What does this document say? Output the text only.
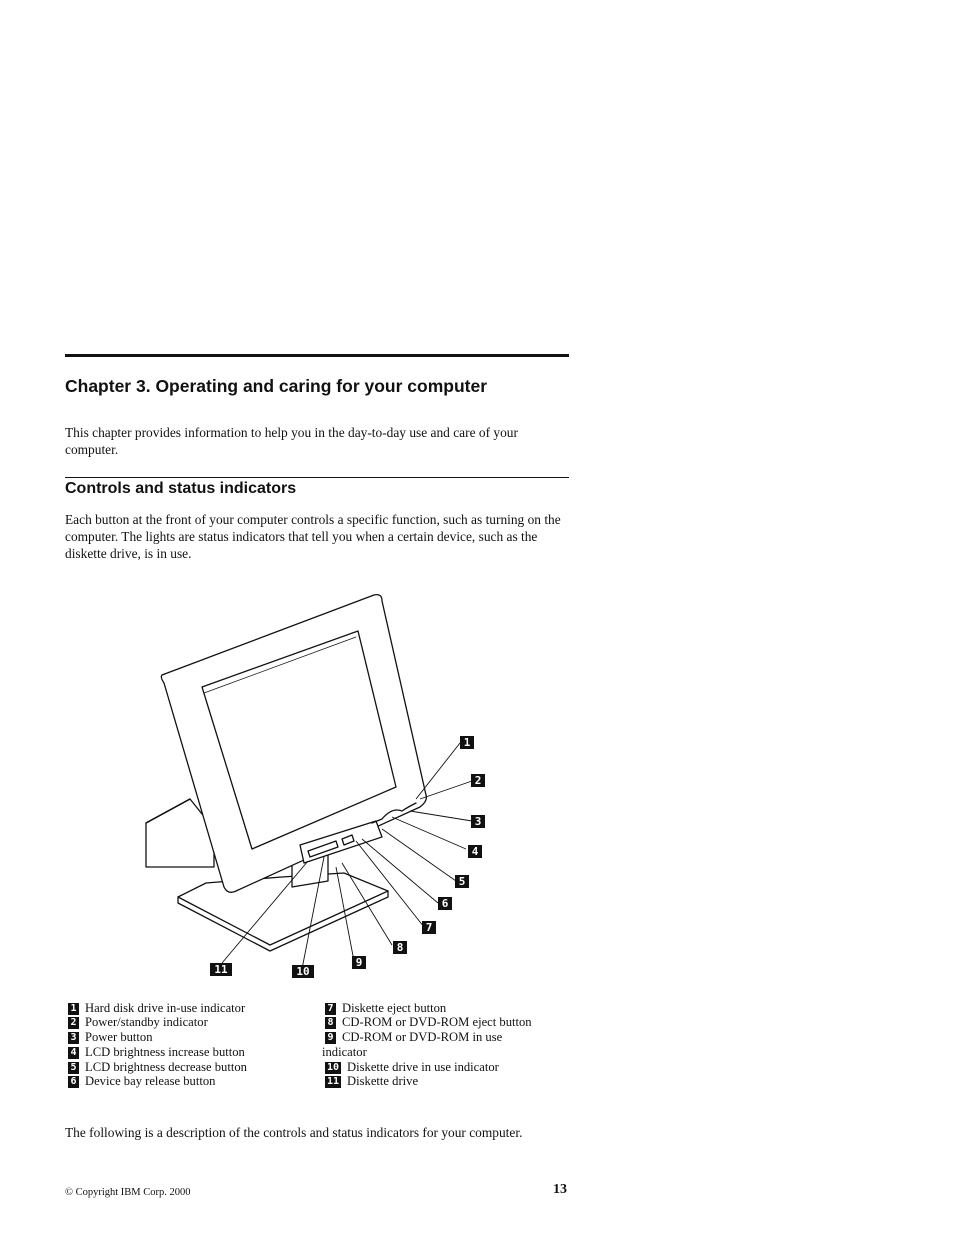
Chapter 3. Operating and caring for your computer

This chapter provides information to help you in the day-to-day use and care of your computer.

Controls and status indicators

Each button at the front of your computer controls a specific function, such as turning on the computer. The lights are status indicators that tell you when a certain device, such as the diskette drive, is in use.

1
2
3
4
5
6
7
8
9
10
11
1 Hard disk drive in-use indicator
2 Power/standby indicator
3 Power button
4 LCD brightness increase button
5 LCD brightness decrease button
6 Device bay release button
7 Diskette eject button
8 CD-ROM or DVD-ROM eject button
9 CD-ROM or DVD-ROM in use
indicator
10 Diskette drive in use indicator
11 Diskette drive

The following is a description of the controls and status indicators for your computer.

© Copyright IBM Corp. 2000	13
